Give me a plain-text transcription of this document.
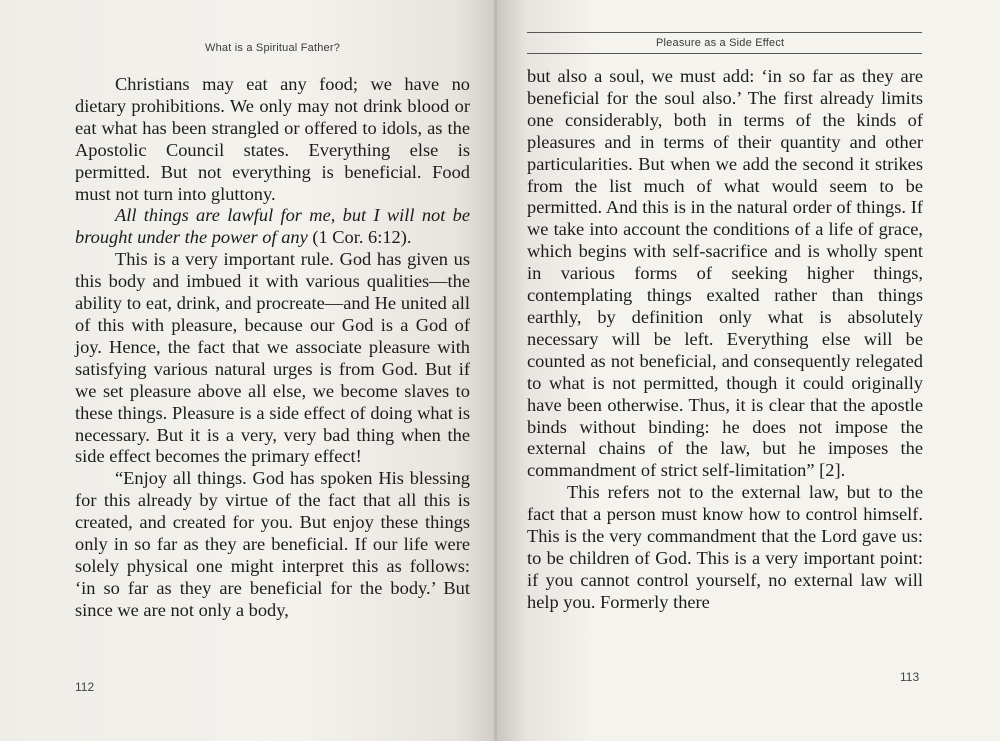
What is a Spiritual Father?

Christians may eat any food; we have no dietary prohibitions. We only may not drink blood or eat what has been strangled or offered to idols, as the Apostolic Council states. Everything else is permitted. But not everything is beneficial. Food must not turn into gluttony.

All things are lawful for me, but I will not be brought under the power of any (1 Cor. 6:12).

This is a very important rule. God has given us this body and imbued it with various qualities—the ability to eat, drink, and procreate—and He united all of this with pleasure, because our God is a God of joy. Hence, the fact that we associate pleasure with satisfying various natural urges is from God. But if we set pleasure above all else, we become slaves to these things. Pleasure is a side effect of doing what is necessary. But it is a very, very bad thing when the side effect becomes the primary effect!

“Enjoy all things. God has spoken His blessing for this already by virtue of the fact that all this is created, and created for you. But enjoy these things only in so far as they are beneficial. If our life were solely physical one might interpret this as follows: ‘in so far as they are beneficial for the body.’ But since we are not only a body,

112
Pleasure as a Side Effect

but also a soul, we must add: ‘in so far as they are beneficial for the soul also.’ The first already limits one considerably, both in terms of the kinds of pleasures and in terms of their quantity and other particularities. But when we add the second it strikes from the list much of what would seem to be permitted. And this is in the natural order of things. If we take into account the conditions of a life of grace, which begins with self-sacrifice and is wholly spent in various forms of seeking higher things, contemplating things exalted rather than things earthly, by definition only what is absolutely necessary will be left. Everything else will be counted as not beneficial, and consequently relegated to what is not permitted, though it could originally have been otherwise. Thus, it is clear that the apostle binds without binding: he does not impose the external chains of the law, but he imposes the commandment of strict self-limitation” [2].

This refers not to the external law, but to the fact that a person must know how to control himself. This is the very commandment that the Lord gave us: to be children of God. This is a very important point: if you cannot control yourself, no external law will help you. Formerly there

113
